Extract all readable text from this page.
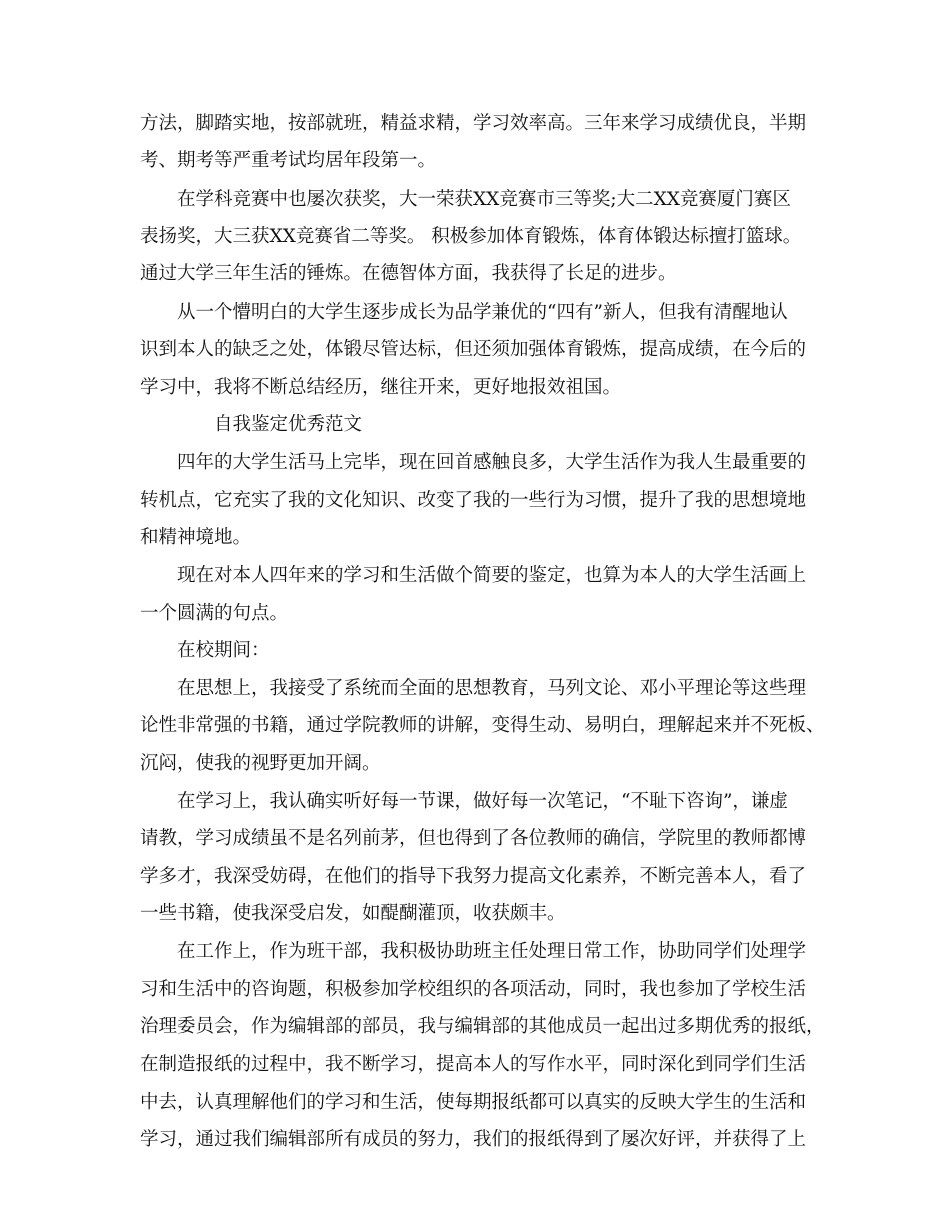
方法，脚踏实地，按部就班，精益求精，学习效率高。三年来学习成绩优良，半期
考、期考等严重考试均居年段第一。
在学科竞赛中也屡次获奖，大一荣获XX竞赛市三等奖;大二XX竞赛厦门赛区
表扬奖，大三获XX竞赛省二等奖。 积极参加体育锻炼，体育体锻达标擅打篮球。
通过大学三年生活的锤炼。在德智体方面，我获得了长足的进步。
从一个懵明白的大学生逐步成长为品学兼优的“四有”新人，但我有清醒地认
识到本人的缺乏之处，体锻尽管达标，但还须加强体育锻炼，提高成绩，在今后的
学习中，我将不断总结经历，继往开来，更好地报效祖国。
自我鉴定优秀范文
四年的大学生活马上完毕，现在回首感触良多，大学生活作为我人生最重要的
转机点，它充实了我的文化知识、改变了我的一些行为习惯，提升了我的思想境地
和精神境地。
现在对本人四年来的学习和生活做个简要的鉴定，也算为本人的大学生活画上
一个圆满的句点。
在校期间：
在思想上，我接受了系统而全面的思想教育，马列文论、邓小平理论等这些理
论性非常强的书籍，通过学院教师的讲解，变得生动、易明白，理解起来并不死板、
沉闷，使我的视野更加开阔。
在学习上，我认确实听好每一节课，做好每一次笔记，“不耻下咨询”，谦虚
请教，学习成绩虽不是名列前茅，但也得到了各位教师的确信，学院里的教师都博
学多才，我深受妨碍，在他们的指导下我努力提高文化素养，不断完善本人，看了
一些书籍，使我深受启发，如醍醐灌顶，收获颇丰。
在工作上，作为班干部，我积极协助班主任处理日常工作，协助同学们处理学
习和生活中的咨询题，积极参加学校组织的各项活动，同时，我也参加了学校生活
治理委员会，作为编辑部的部员，我与编辑部的其他成员一起出过多期优秀的报纸，
在制造报纸的过程中，我不断学习，提高本人的写作水平，同时深化到同学们生活
中去，认真理解他们的学习和生活，使每期报纸都可以真实的反映大学生的生活和
学习，通过我们编辑部所有成员的努力，我们的报纸得到了屡次好评，并获得了上
